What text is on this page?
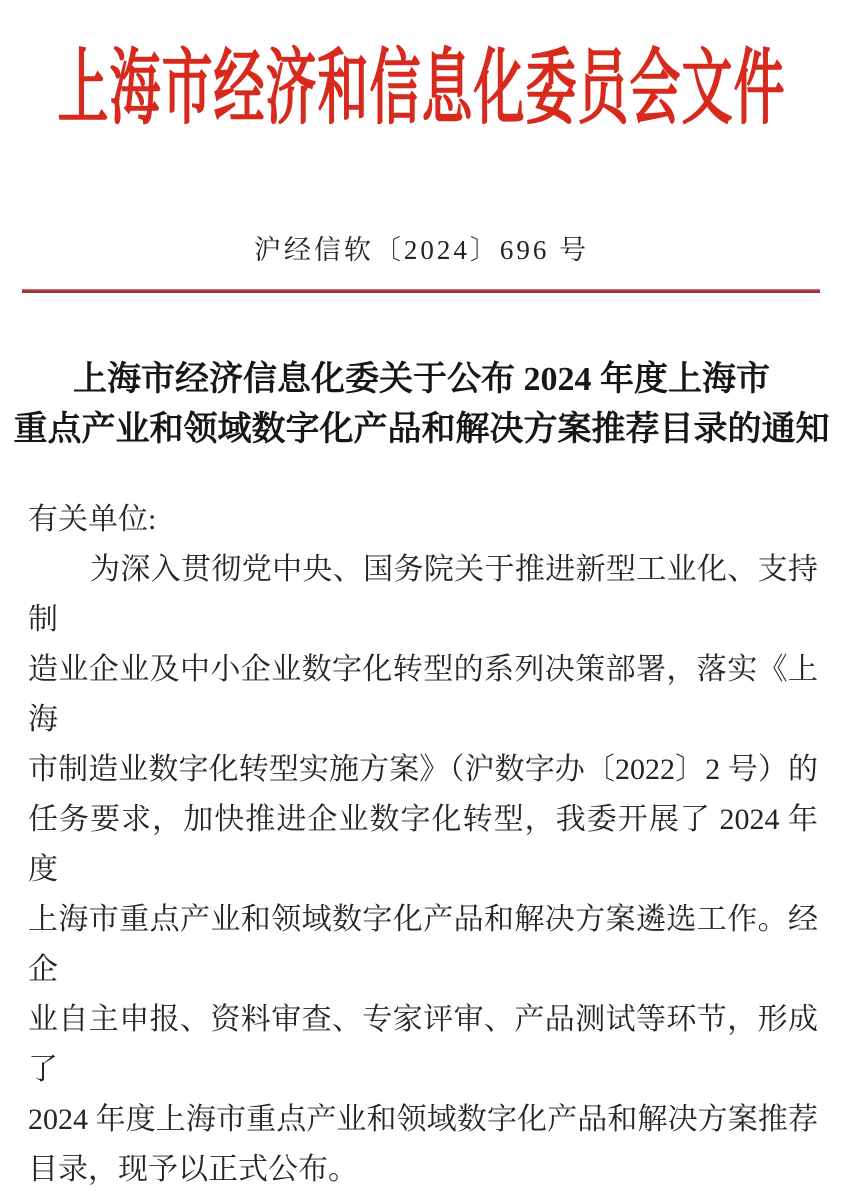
上海市经济和信息化委员会文件
沪经信软〔2024〕696 号
上海市经济信息化委关于公布 2024 年度上海市
重点产业和领域数字化产品和解决方案推荐目录的通知
有关单位:
为深入贯彻党中央、国务院关于推进新型工业化、支持制
造业企业及中小企业数字化转型的系列决策部署，落实《上海
市制造业数字化转型实施方案》（沪数字办〔2022〕2 号）的
任务要求，加快推进企业数字化转型，我委开展了 2024 年度
上海市重点产业和领域数字化产品和解决方案遴选工作。经企
业自主申报、资料审查、专家评审、产品测试等环节，形成了
2024 年度上海市重点产业和领域数字化产品和解决方案推荐
目录，现予以正式公布。
